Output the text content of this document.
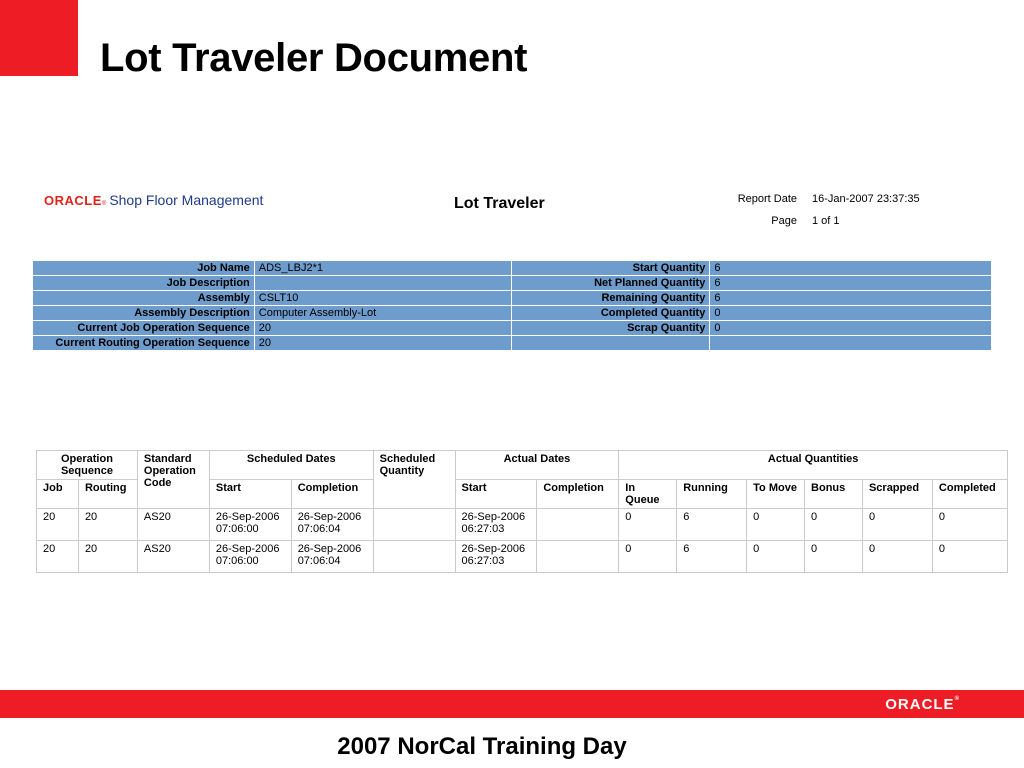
Lot Traveler Document
ORACLE ® Shop Floor Management	Lot Traveler	Report Date 16-Jan-2007 23:37:35
Page 1 of 1
Job Name	ADS_LBJ2*1	Start Quantity	6
Job Description		Net Planned Quantity	6
Assembly	CSLT10	Remaining Quantity	6
Assembly Description	Computer Assembly-Lot	Completed Quantity	0
Current Job Operation Sequence	20	Scrap Quantity	0
Current Routing Operation Sequence	20		
Operation Sequence		Standard Operation Code	Scheduled Dates		Scheduled Quantity	Actual Dates		Actual Quantities					
Job	Routing		Start	Completion		Start	Completion	In Queue	Running	To Move	Bonus	Scrapped	Completed
20	20	AS20	26-Sep-2006 07:06:00	26-Sep-2006 07:06:04		26-Sep-2006 06:27:03		0	6	0	0	0	0
20	20	AS20	26-Sep-2006 07:06:00	26-Sep-2006 07:06:04		26-Sep-2006 06:27:03		0	6	0	0	0	0
ORACLE®
2007 NorCal Training Day
